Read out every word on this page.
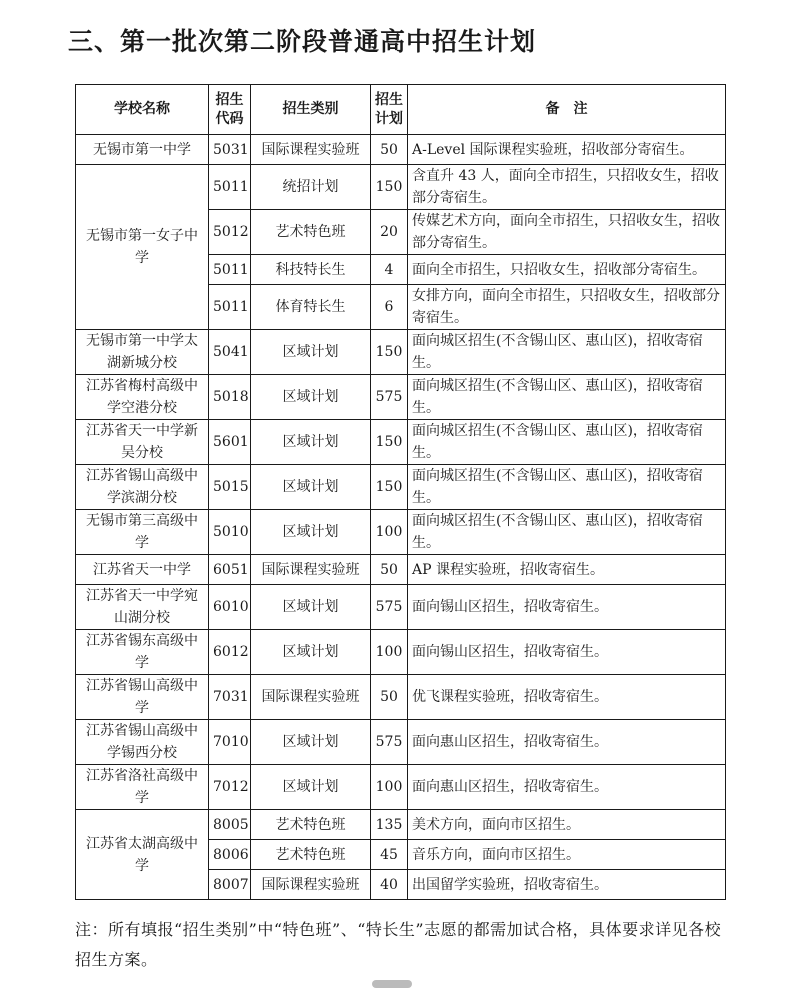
三、第一批次第二阶段普通高中招生计划
学校名称	招生代码	招生类别	招生计划	备　注
无锡市第一中学	5031	国际课程实验班	50	A-Level 国际课程实验班，招收部分寄宿生。
无锡市第一女子中学	5011	统招计划	150	含直升 43 人，面向全市招生，只招收女生，招收部分寄宿生。
	5012	艺术特色班	20	传媒艺术方向，面向全市招生，只招收女生，招收部分寄宿生。
	5011	科技特长生	4	面向全市招生，只招收女生，招收部分寄宿生。
	5011	体育特长生	6	女排方向，面向全市招生，只招收女生，招收部分寄宿生。
无锡市第一中学太湖新城分校	5041	区域计划	150	面向城区招生(不含锡山区、惠山区)，招收寄宿生。
江苏省梅村高级中学空港分校	5018	区域计划	575	面向城区招生(不含锡山区、惠山区)，招收寄宿生。
江苏省天一中学新吴分校	5601	区域计划	150	面向城区招生(不含锡山区、惠山区)，招收寄宿生。
江苏省锡山高级中学滨湖分校	5015	区域计划	150	面向城区招生(不含锡山区、惠山区)，招收寄宿生。
无锡市第三高级中学	5010	区域计划	100	面向城区招生(不含锡山区、惠山区)，招收寄宿生。
江苏省天一中学	6051	国际课程实验班	50	AP 课程实验班，招收寄宿生。
江苏省天一中学宛山湖分校	6010	区域计划	575	面向锡山区招生，招收寄宿生。
江苏省锡东高级中学	6012	区域计划	100	面向锡山区招生，招收寄宿生。
江苏省锡山高级中学	7031	国际课程实验班	50	优飞课程实验班，招收寄宿生。
江苏省锡山高级中学锡西分校	7010	区域计划	575	面向惠山区招生，招收寄宿生。
江苏省洛社高级中学	7012	区域计划	100	面向惠山区招生，招收寄宿生。
江苏省太湖高级中学	8005	艺术特色班	135	美术方向，面向市区招生。
	8006	艺术特色班	45	音乐方向，面向市区招生。
	8007	国际课程实验班	40	出国留学实验班，招收寄宿生。
注：所有填报“招生类别”中“特色班”、“特长生”志愿的都需加试合格，具体要求详见各校招生方案。
